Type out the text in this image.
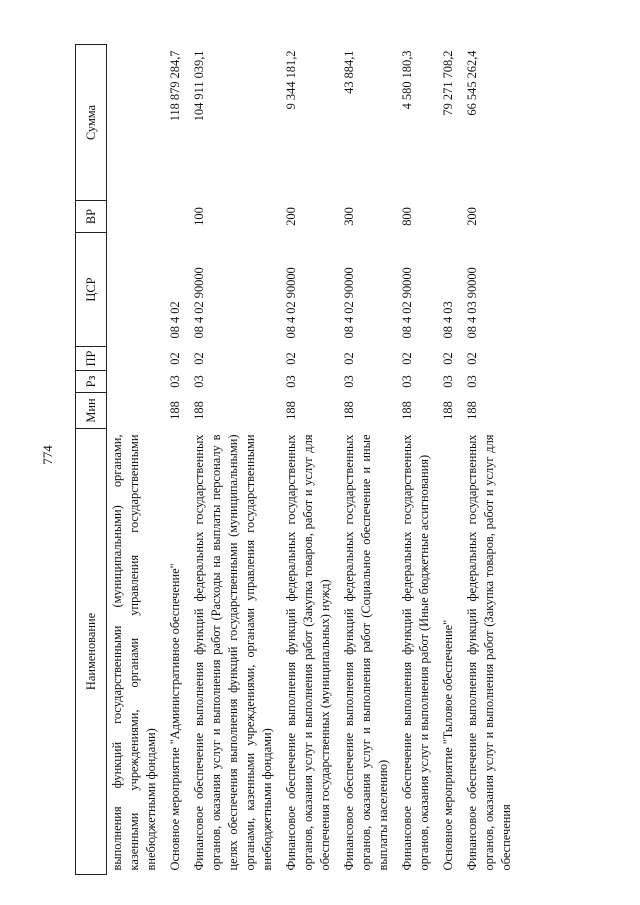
774
Наименование	Мин	Рз	ПР	ЦСР	ВР	Сумма
выполнения функций государственными (муниципальными) органами, казенными учреждениями, органами управления государственными внебюджетными фондами)						
Основное мероприятие "Административное обеспечение"	188	03	02	08 4 02		118 879 284,7
Финансовое обеспечение выполнения функций федеральных государственных органов, оказания услуг и выполнения работ (Расходы на выплаты персоналу в целях обеспечения выполнения функций государственными (муниципальными) органами, казенными учреждениями, органами управления государственными внебюджетными фондами)	188	03	02	08 4 02 90000	100	104 911 039,1
Финансовое обеспечение выполнения функций федеральных государственных органов, оказания услуг и выполнения работ (Закупка товаров, работ и услуг для обеспечения государственных (муниципальных) нужд)	188	03	02	08 4 02 90000	200	9 344 181,2
Финансовое обеспечение выполнения функций федеральных государственных органов, оказания услуг и выполнения работ (Социальное обеспечение и иные выплаты населению)	188	03	02	08 4 02 90000	300	43 884,1
Финансовое обеспечение выполнения функций федеральных государственных органов, оказания услуг и выполнения работ (Иные бюджетные ассигнования)	188	03	02	08 4 02 90000	800	4 580 180,3
Основное мероприятие "Тыловое обеспечение"	188	03	02	08 4 03		79 271 708,2
Финансовое обеспечение выполнения функций федеральных государственных органов, оказания услуг и выполнения работ (Закупка товаров, работ и услуг для обеспечения	188	03	02	08 4 03 90000	200	66 545 262,4
